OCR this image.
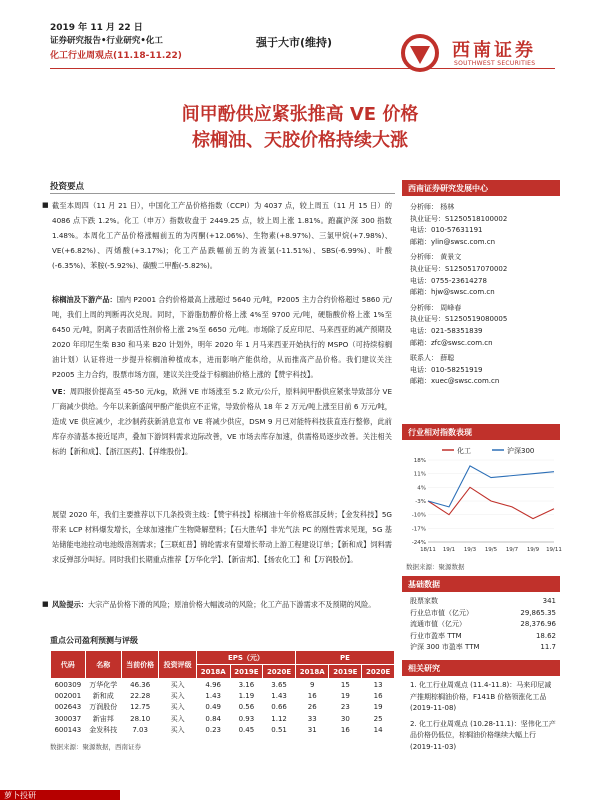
2019 年 11 月 22 日
证券研究报告•行业研究•化工
化工行业周观点(11.18-11.22)
强于大市(维持)	西南证券
SOUTHWEST SECURITIES
间甲酚供应紧张推高 VE 价格
棕榈油、天胶价格持续大涨
投资要点
■ 截至本周四（11 月 21 日），中国化工产品价格指数（CCPI）为 4037 点，较上周五（11 月 15 日）的 4086 点下跌 1.2%。化工（申万）指数收盘于 2449.25 点，较上周上涨 1.81%。跑赢沪深 300 指数 1.48%。本周化工产品价格涨幅前五的为丙酮(+12.06%)、生物素(+8.97%)、三氯甲烷(+7.98%)、VE(+6.82%)、丙烯酸(+3.17%)；化工产品跌幅前五的为液氯(-11.51%)、SBS(-6.99%)、叶酸(-6.35%)、苯胺(-5.92%)、碳酸二甲酯(-5.82%)。
棕榈油及下游产品：国内 P2001 合约价格最高上涨超过 5640 元/吨，P2005 主力合约价格超过 5860 元/吨，我们上周的判断再次兑现。同时，下游脂肪醇价格上涨 4%至 9700 元/吨，硬脂酸价格上涨 1%至 6450 元/吨，阴离子表面活性剂价格上涨 2%至 6650 元/吨。市场除了反应印尼、马来西亚的减产预期及 2020 年印尼生柴 B30 和马来 B20 计划外，明年 2020 年 1 月马来西亚开始执行的 MSPO（可持续棕榈油计划）认证将进一步提升棕榈油种植成本，进而影响产能供给，从而推高产品价格。我们建议关注 P2005 主力合约，股票市场方面，建议关注受益于棕榈油价格上涨的【赞宇科技】。
VE：周四报价提高至 45-50 元/kg，欧洲 VE 市场涨至 5.2 欧元/公斤，原料间甲酚供应紧张导致部分 VE 厂商减少供给。今年以来新盛间甲酚产能供应不正常，导致价格从 18 年 2 万元/吨上涨至目前 6 万元/吨，造成 VE 供应减少，北沙制药获新消息宣布 VE 将减少供应，DSM 9 月已对能特科技获直连行整修，此前库存亦清基本接近尾声，叠加下游饲料需求边际改善，VE 市场去库存加速，供需格局逐步改善。关注相关标的【新和成】、【浙江医药】、【祥维股份】。
展望 2020 年，我们主要推荐以下几条投资主线：【赞宇科技】棕榈油十年价格底部反转；【金发科技】5G 带来 LCP 材料爆发增长，全球加速推广生物降解塑料；【石大胜华】非光气法 PC 的刚性需求见现，5G 基站储能电池拉动电池级溶剂需求；【三联虹普】锦纶需求有望增长带动上游工程建设订单；【新和成】饲料需求反弹部分叫好。同时我们长期重点推荐【万华化学】、【新宙邦】、【扬农化工】和【万润股份】。
■ 风险提示：大宗产品价格下滑的风险；原油价格大幅波动的风险；化工产品下游需求不及预期的风险。
西南证券研究发展中心
分析师： 杨林
执业证号：S1250518100002
电话：010-57631191
邮箱：ylin@swsc.com.cn
分析师： 黄景文
执业证号：S1250517070002
电话：0755-23614278
邮箱：hjw@swsc.com.cn
分析师： 周峰春
执业证号：S1250519080005
电话：021-58351839
邮箱：zfc@swsc.com.cn
联系人： 薛聪
电话：010-58251919
邮箱：xuec@swsc.com.cn
行业相对指数表现
化工	沪深300
18%
11%
4%
-3%
-10%
-17%
-24%
18/11 19/1 19/3 19/5 19/7 19/9 19/11
数据来源：聚源数据
基础数据
股票家数	341
行业总市值（亿元）	29,865.35
流通市值（亿元）	28,376.96
行业市盈率 TTM	18.62
沪深 300 市盈率 TTM	11.7
相关研究
1. 化工行业周观点 (11.4-11.8)：马来印尼减产推期棕榈油价格，F141B 价格领涨化工品 (2019-11-08)
2. 化工行业周观点 (10.28-11.1)：坚伟化工产品价格仍低位，棕榈油价格继续大幅上行 (2019-11-03)
重点公司盈利预测与评级
代码	名称	当前价格	投资评级	EPS（元）			PE		
				2018A	2019E	2020E	2018A	2019E	2020E
600309	万华化学	46.36	买入	4.96	3.16	3.65	9	15	13
002001	新和成	22.28	买入	1.43	1.19	1.43	16	19	16
002643	万润股份	12.75	买入	0.49	0.56	0.66	26	23	19
300037	新宙邦	28.10	买入	0.84	0.93	1.12	33	30	25
600143	金发科技	7.03	买入	0.23	0.45	0.51	31	16	14
数据来源：聚源数据，西南证券
萝卜投研
